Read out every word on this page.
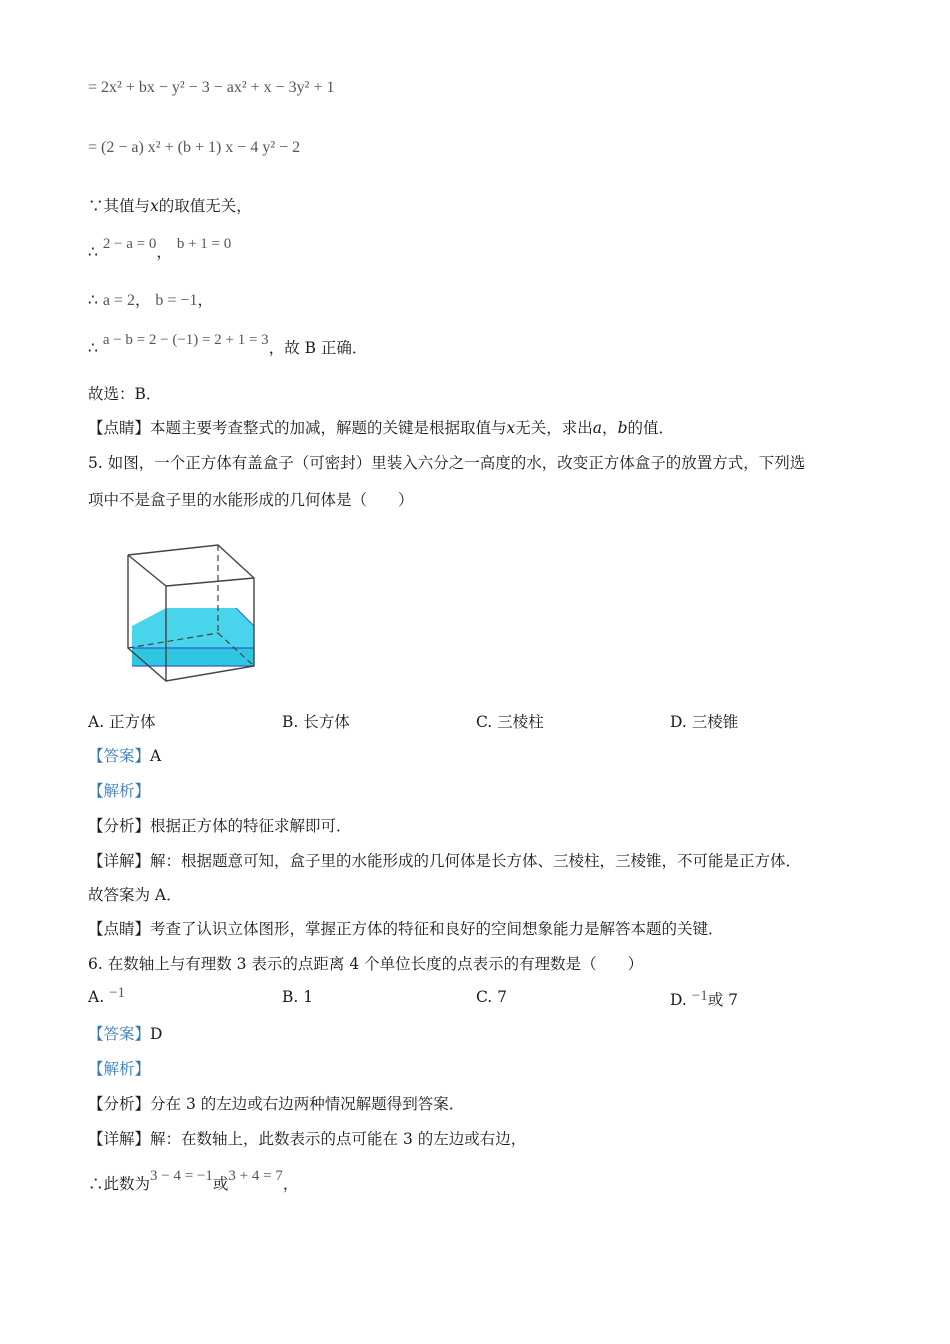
= 2x² + bx − y² − 3 − ax² + x − 3y² + 1
= (2 − a) x² + (b + 1) x − 4 y² − 2
∵其值与x的取值无关，
∴ 2 − a = 0， b + 1 = 0
∴ a = 2， b = −1，
∴ a − b = 2 − (−1) = 2 + 1 = 3，故 B 正确．
故选：B．
【点睛】本题主要考查整式的加减，解题的关键是根据取值与x无关，求出a，b的值．
5. 如图，一个正方体有盖盒子（可密封）里装入六分之一高度的水，改变正方体盒子的放置方式，下列选
项中不是盒子里的水能形成的几何体是（　　）
A. 正方体	B. 长方体	C. 三棱柱	D. 三棱锥
【答案】A
【解析】
【分析】根据正方体的特征求解即可．
【详解】解：根据题意可知，盒子里的水能形成的几何体是长方体、三棱柱，三棱锥，不可能是正方体．
故答案为 A．
【点睛】考查了认识立体图形，掌握正方体的特征和良好的空间想象能力是解答本题的关键．
6. 在数轴上与有理数 3 表示的点距离 4 个单位长度的点表示的有理数是（　　）
A. −1	B. 1	C. 7	D. −1或 7
【答案】D
【解析】
【分析】分在 3 的左边或右边两种情况解题得到答案．
【详解】解：在数轴上，此数表示的点可能在 3 的左边或右边，
∴此数为3 − 4 = −1或3 + 4 = 7，
